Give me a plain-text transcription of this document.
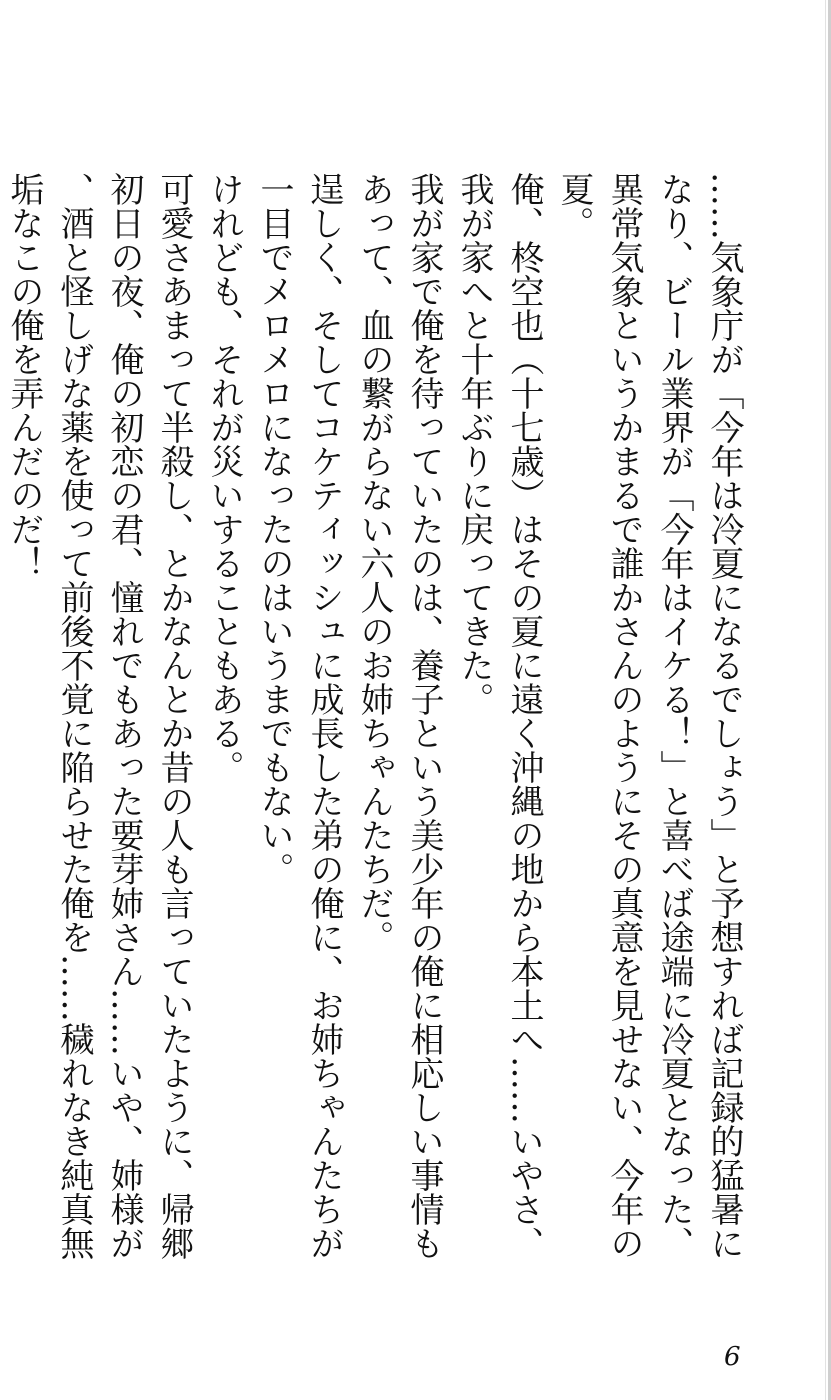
……気象庁が「今年は冷夏になるでしょう」と予想すれば記録的猛暑になり、ビール業界が「今年はイケる！」と喜べば途端に冷夏となった、異常気象というかまるで誰かさんのようにその真意を見せない、今年の夏。

俺、柊空也（十七歳）はその夏に遠く沖縄の地から本土へ……いやさ、我が家へと十年ぶりに戻ってきた。

我が家で俺を待っていたのは、養子という美少年の俺に相応しい事情もあって、血の繋がらない六人のお姉ちゃんたちだ。

逞しく、そしてコケティッシュに成長した弟の俺に、お姉ちゃんたちが一目でメロメロになったのはいうまでもない。

けれども、それが災いすることもある。

可愛さあまって半殺し、とかなんとか昔の人も言っていたように、帰郷初日の夜、俺の初恋の君、憧れでもあった要芽姉さん……いや、姉様が、酒と怪しげな薬を使って前後不覚に陥らせた俺を……穢れなき純真無垢なこの俺を弄んだのだ！

6
